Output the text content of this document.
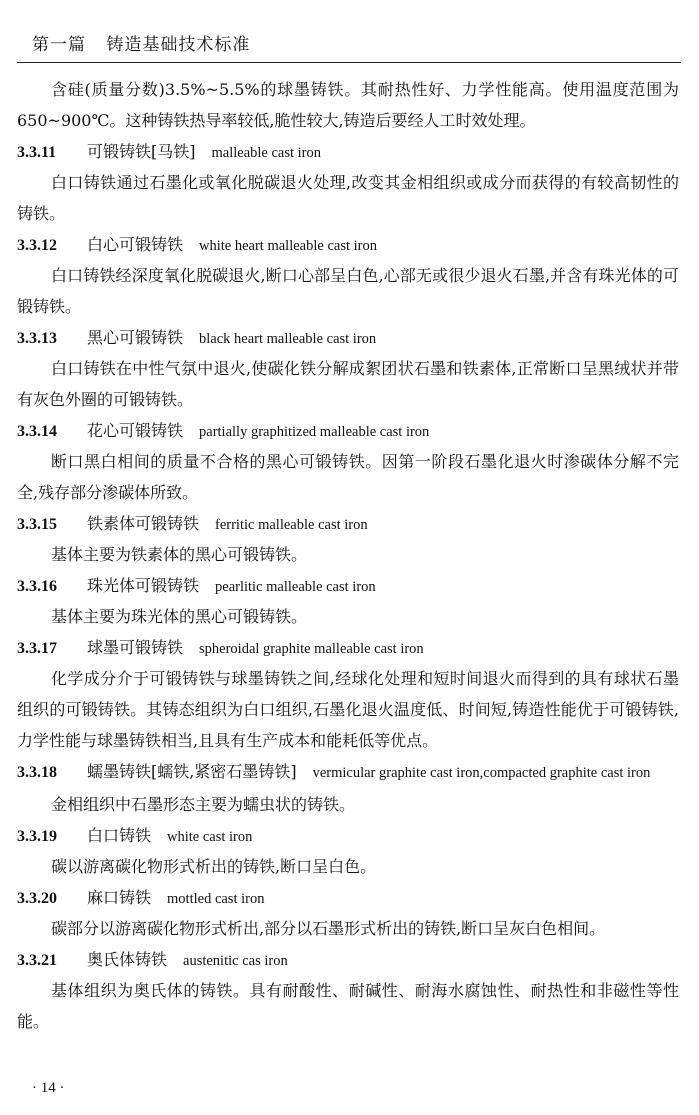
第一篇 铸造基础技术标准

含硅(质量分数)3.5%~5.5%的球墨铸铁。其耐热性好、力学性能高。使用温度范围为 650~900℃。这种铸铁热导率较低,脆性较大,铸造后要经人工时效处理。

3.3.11 可锻铸铁[马铁] malleable cast iron

白口铸铁通过石墨化或氧化脱碳退火处理,改变其金相组织或成分而获得的有较高韧性的铸铁。

3.3.12 白心可锻铸铁 white heart malleable cast iron

白口铸铁经深度氧化脱碳退火,断口心部呈白色,心部无或很少退火石墨,并含有珠光体的可锻铸铁。

3.3.13 黑心可锻铸铁 black heart malleable cast iron

白口铸铁在中性气氛中退火,使碳化铁分解成絮团状石墨和铁素体,正常断口呈黑绒状并带有灰色外圈的可锻铸铁。

3.3.14 花心可锻铸铁 partially graphitized malleable cast iron

断口黑白相间的质量不合格的黑心可锻铸铁。因第一阶段石墨化退火时渗碳体分解不完全,残存部分渗碳体所致。

3.3.15 铁素体可锻铸铁 ferritic malleable cast iron

基体主要为铁素体的黑心可锻铸铁。

3.3.16 珠光体可锻铸铁 pearlitic malleable cast iron

基体主要为珠光体的黑心可锻铸铁。

3.3.17 球墨可锻铸铁 spheroidal graphite malleable cast iron

化学成分介于可锻铸铁与球墨铸铁之间,经球化处理和短时间退火而得到的具有球状石墨组织的可锻铸铁。其铸态组织为白口组织,石墨化退火温度低、时间短,铸造性能优于可锻铸铁,力学性能与球墨铸铁相当,且具有生产成本和能耗低等优点。

3.3.18 蠕墨铸铁[蠕铁,紧密石墨铸铁] vermicular graphite cast iron,compacted graphite cast iron

金相组织中石墨形态主要为蠕虫状的铸铁。

3.3.19 白口铸铁 white cast iron

碳以游离碳化物形式析出的铸铁,断口呈白色。

3.3.20 麻口铸铁 mottled cast iron

碳部分以游离碳化物形式析出,部分以石墨形式析出的铸铁,断口呈灰白色相间。

3.3.21 奥氏体铸铁 austenitic cas iron

基体组织为奥氏体的铸铁。具有耐酸性、耐碱性、耐海水腐蚀性、耐热性和非磁性等性能。

· 14 ·
